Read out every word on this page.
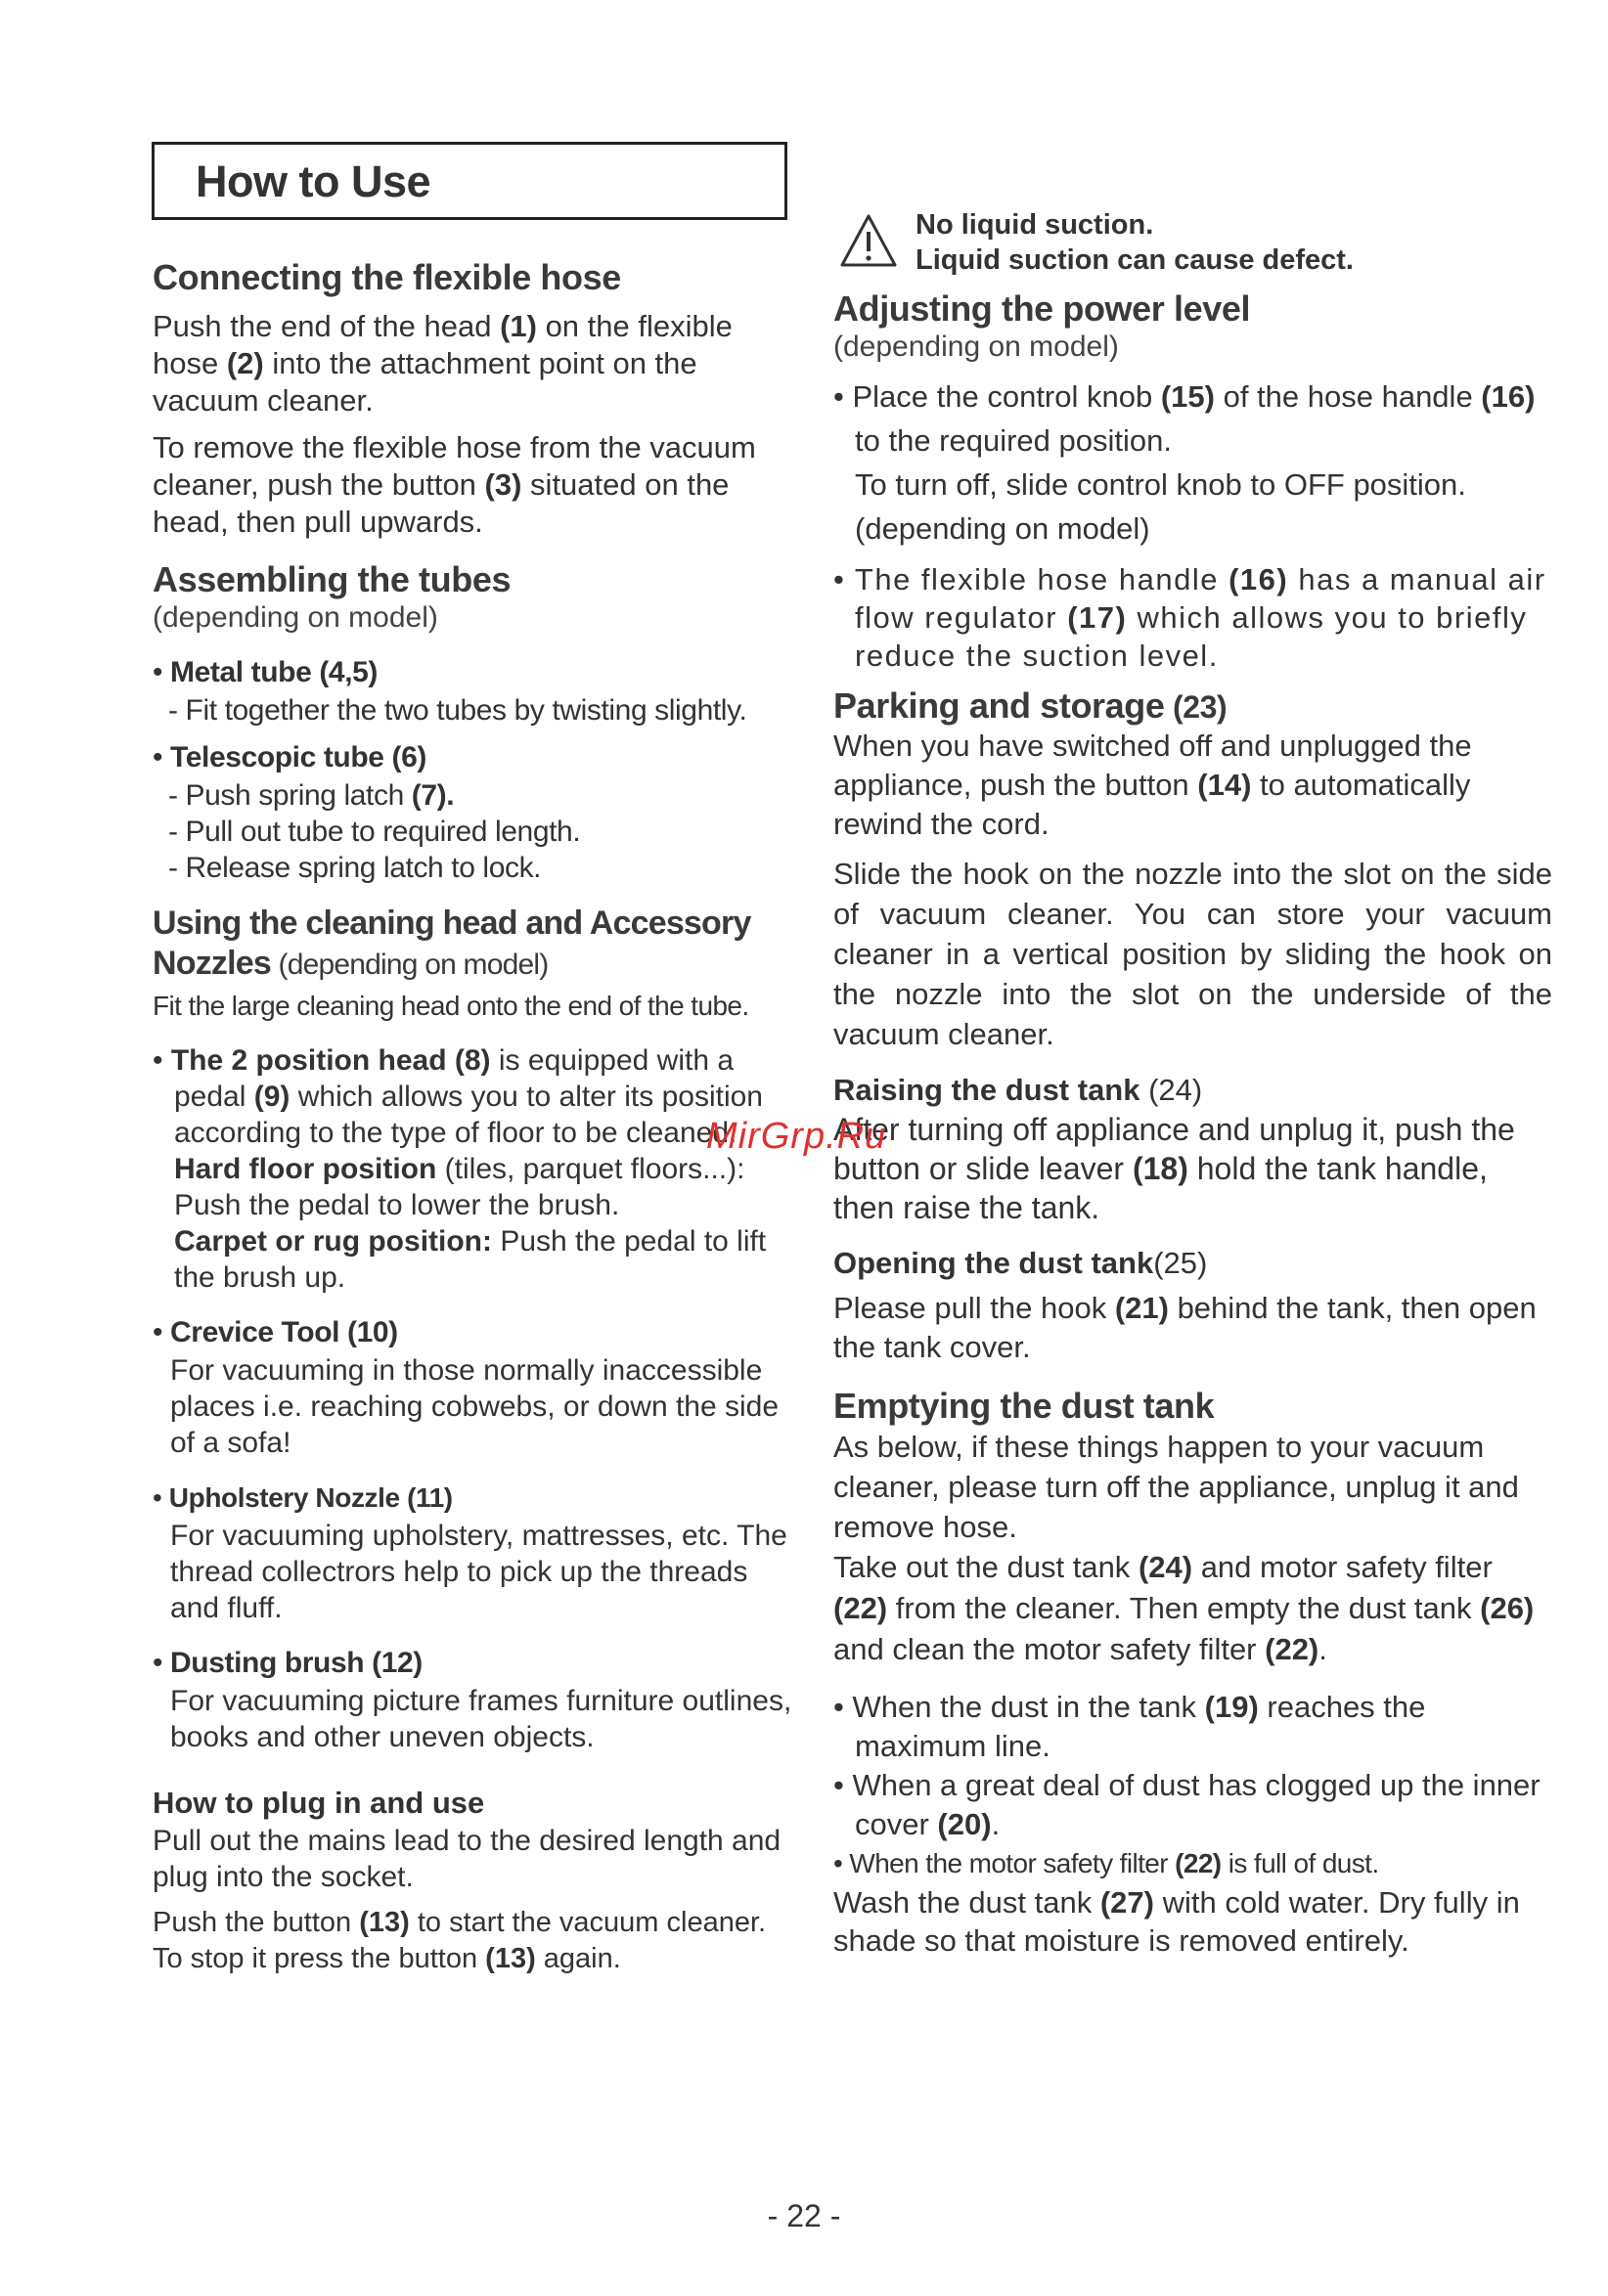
How to Use
Connecting the flexible hose

Push the end of the head (1) on the flexible hose (2) into the attachment point on the vacuum cleaner.

To remove the flexible hose from the vacuum cleaner, push the button (3) situated on the head, then pull upwards.

Assembling the tubes
(depending on model)
• Metal tube (4,5)
- Fit together the two tubes by twisting slightly.
• Telescopic tube (6)
- Push spring latch (7).
- Pull out tube to required length.
- Release spring latch to lock.
Using the cleaning head and Accessory
Nozzles (depending on model)

Fit the large cleaning head onto the end of the tube.

• The 2 position head (8) is equipped with a pedal (9) which allows you to alter its position according to the type of floor to be cleaned.
Hard floor position (tiles, parquet floors...): Push the pedal to lower the brush.
Carpet or rug position: Push the pedal to lift the brush up.

• Crevice Tool (10)

For vacuuming in those normally inaccessible places i.e. reaching cobwebs, or down the side of a sofa!

• Upholstery Nozzle (11)

For vacuuming upholstery, mattresses, etc. The thread collectrors help to pick up the threads and fluff.

• Dusting brush (12)

For vacuuming picture frames furniture outlines, books and other uneven objects.

How to plug in and use

Pull out the mains lead to the desired length and plug into the socket.

Push the button (13) to start the vacuum cleaner. To stop it press the button (13) again.

No liquid suction.
Liquid suction can cause defect.
Adjusting the power level
(depending on model)

• Place the control knob (15) of the hose handle (16) to the required position.
To turn off, slide control knob to OFF position.
(depending on model)

• The flexible hose handle (16) has a manual air flow regulator (17) which allows you to briefly reduce the suction level.

Parking and storage (23)

When you have switched off and unplugged the appliance, push the button (14) to automatically rewind the cord.

Slide the hook on the nozzle into the slot on the side of vacuum cleaner. You can store your vacuum cleaner in a vertical position by sliding the hook on the nozzle into the slot on the underside of the vacuum cleaner.

Raising the dust tank (24)

After turning off appliance and unplug it, push the button or slide leaver (18) hold the tank handle, then raise the tank.

Opening the dust tank(25)

Please pull the hook (21) behind the tank, then open the tank cover.

Emptying the dust tank

As below, if these things happen to your vacuum cleaner, please turn off the appliance, unplug it and remove hose.

Take out the dust tank (24) and motor safety filter (22) from the cleaner. Then empty the dust tank (26) and clean the motor safety filter (22).

• When the dust in the tank (19) reaches the maximum line.

• When a great deal of dust has clogged up the inner cover (20).

• When the motor safety filter (22) is full of dust.

Wash the dust tank (27) with cold water. Dry fully in shade so that moisture is removed entirely.

MirGrp.Ru
- 22 -
